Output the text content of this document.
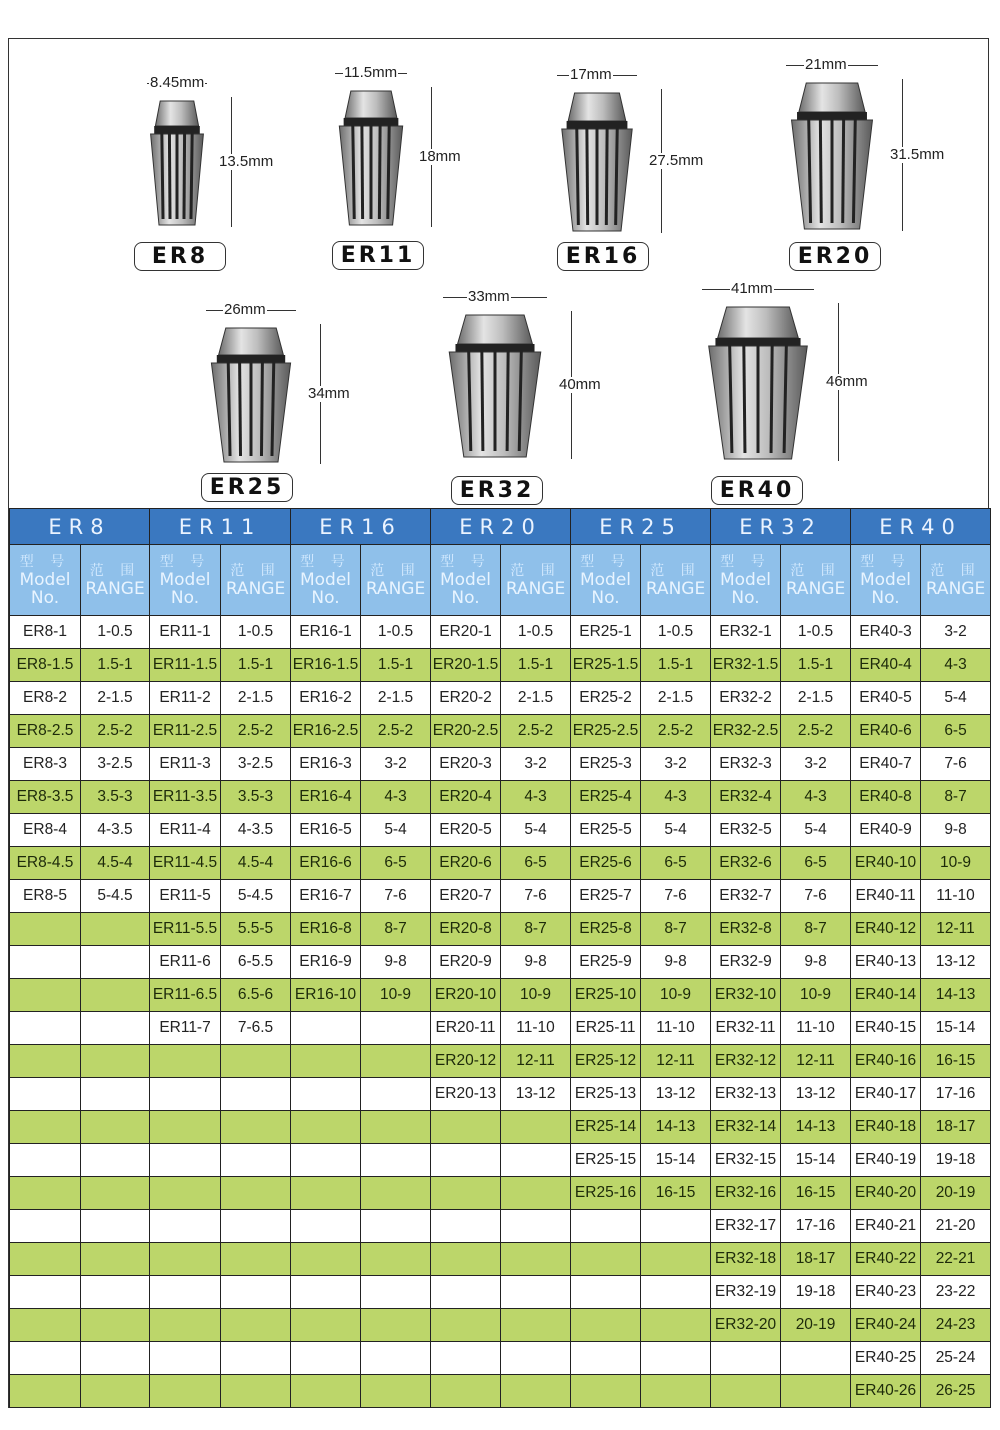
8.45mm
13.5mm
ER8
11.5mm
18mm
ER11
17mm
27.5mm
ER16
21mm
31.5mm
ER20
26mm
34mm
ER25
33mm
40mm
ER32
41mm
46mm
ER40
ER8		ER11		ER16		ER20		ER25		ER32		ER40	

型 号
Model
No.	范 围
RANGE	型 号
Model
No.	范 围
RANGE	型 号
Model
No.	范 围
RANGE	型 号
Model
No.	范 围
RANGE	型 号
Model
No.	范 围
RANGE	型 号
Model
No.	范 围
RANGE	型 号
Model
No.	范 围
RANGE

ER8-1	1-0.5	ER11-1	1-0.5	ER16-1	1-0.5	ER20-1	1-0.5	ER25-1	1-0.5	ER32-1	1-0.5	ER40-3	3-2
ER8-1.5	1.5-1	ER11-1.5	1.5-1	ER16-1.5	1.5-1	ER20-1.5	1.5-1	ER25-1.5	1.5-1	ER32-1.5	1.5-1	ER40-4	4-3
ER8-2	2-1.5	ER11-2	2-1.5	ER16-2	2-1.5	ER20-2	2-1.5	ER25-2	2-1.5	ER32-2	2-1.5	ER40-5	5-4
ER8-2.5	2.5-2	ER11-2.5	2.5-2	ER16-2.5	2.5-2	ER20-2.5	2.5-2	ER25-2.5	2.5-2	ER32-2.5	2.5-2	ER40-6	6-5
ER8-3	3-2.5	ER11-3	3-2.5	ER16-3	3-2	ER20-3	3-2	ER25-3	3-2	ER32-3	3-2	ER40-7	7-6
ER8-3.5	3.5-3	ER11-3.5	3.5-3	ER16-4	4-3	ER20-4	4-3	ER25-4	4-3	ER32-4	4-3	ER40-8	8-7
ER8-4	4-3.5	ER11-4	4-3.5	ER16-5	5-4	ER20-5	5-4	ER25-5	5-4	ER32-5	5-4	ER40-9	9-8
ER8-4.5	4.5-4	ER11-4.5	4.5-4	ER16-6	6-5	ER20-6	6-5	ER25-6	6-5	ER32-6	6-5	ER40-10	10-9
ER8-5	5-4.5	ER11-5	5-4.5	ER16-7	7-6	ER20-7	7-6	ER25-7	7-6	ER32-7	7-6	ER40-11	11-10
		ER11-5.5	5.5-5	ER16-8	8-7	ER20-8	8-7	ER25-8	8-7	ER32-8	8-7	ER40-12	12-11
		ER11-6	6-5.5	ER16-9	9-8	ER20-9	9-8	ER25-9	9-8	ER32-9	9-8	ER40-13	13-12
		ER11-6.5	6.5-6	ER16-10	10-9	ER20-10	10-9	ER25-10	10-9	ER32-10	10-9	ER40-14	14-13
		ER11-7	7-6.5			ER20-11	11-10	ER25-11	11-10	ER32-11	11-10	ER40-15	15-14
						ER20-12	12-11	ER25-12	12-11	ER32-12	12-11	ER40-16	16-15
						ER20-13	13-12	ER25-13	13-12	ER32-13	13-12	ER40-17	17-16
								ER25-14	14-13	ER32-14	14-13	ER40-18	18-17
								ER25-15	15-14	ER32-15	15-14	ER40-19	19-18
								ER25-16	16-15	ER32-16	16-15	ER40-20	20-19
										ER32-17	17-16	ER40-21	21-20
										ER32-18	18-17	ER40-22	22-21
										ER32-19	19-18	ER40-23	23-22
										ER32-20	20-19	ER40-24	24-23
												ER40-25	25-24
												ER40-26	26-25
